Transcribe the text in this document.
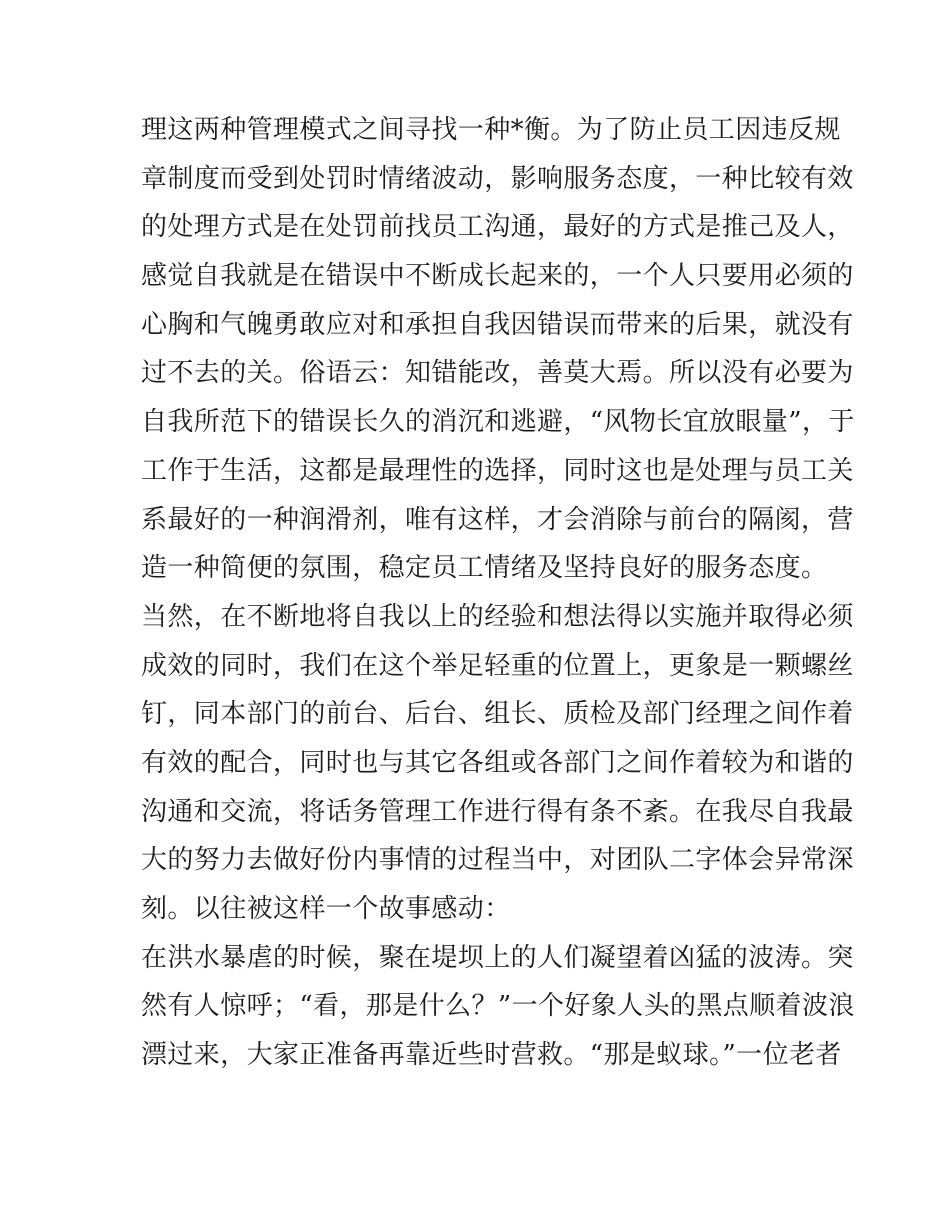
理这两种管理模式之间寻找一种*衡。为了防止员工因违反规
章制度而受到处罚时情绪波动，影响服务态度，一种比较有效
的处理方式是在处罚前找员工沟通，最好的方式是推己及人，
感觉自我就是在错误中不断成长起来的，一个人只要用必须的
心胸和气魄勇敢应对和承担自我因错误而带来的后果，就没有
过不去的关。俗语云：知错能改，善莫大焉。所以没有必要为
自我所范下的错误长久的消沉和逃避，“风物长宜放眼量”，于
工作于生活，这都是最理性的选择，同时这也是处理与员工关
系最好的一种润滑剂，唯有这样，才会消除与前台的隔阂，营
造一种简便的氛围，稳定员工情绪及坚持良好的服务态度。
当然，在不断地将自我以上的经验和想法得以实施并取得必须
成效的同时，我们在这个举足轻重的位置上，更象是一颗螺丝
钉，同本部门的前台、后台、组长、质检及部门经理之间作着
有效的配合，同时也与其它各组或各部门之间作着较为和谐的
沟通和交流，将话务管理工作进行得有条不紊。在我尽自我最
大的努力去做好份内事情的过程当中，对团队二字体会异常深
刻。以往被这样一个故事感动：
在洪水暴虐的时候，聚在堤坝上的人们凝望着凶猛的波涛。突
然有人惊呼；“看，那是什么？”一个好象人头的黑点顺着波浪
漂过来，大家正准备再靠近些时营救。“那是蚁球。”一位老者
